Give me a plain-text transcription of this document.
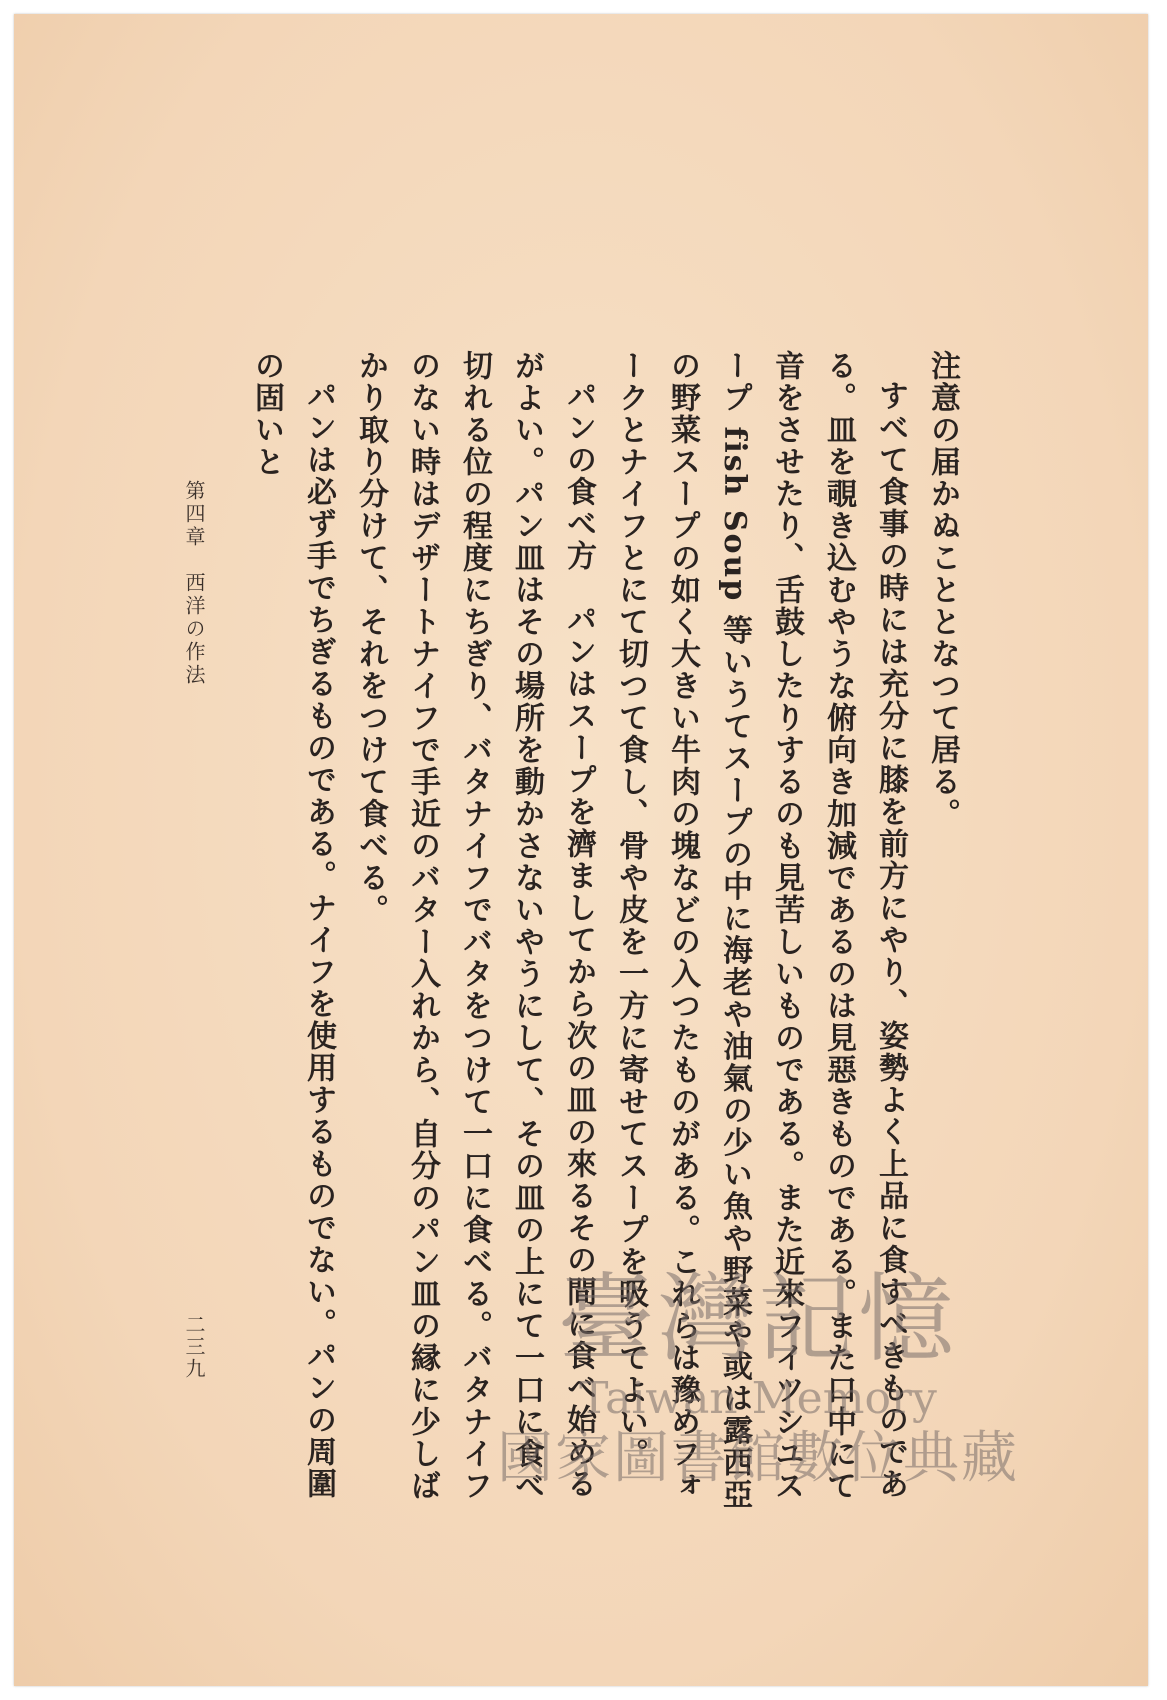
注意の届かぬこととなつて居る。

すべて食事の時には充分に膝を前方にやり、姿勢よく上品に食すべきものである。皿を覗き込むやうな俯向き加減であるのは見惡きものである。また口中にて音をさせたり、舌鼓したりするのも見苦しいものである。また近來フイツシユスープ fish Soup 等いうてスープの中に海老や油氣の少い魚や野菜や或は露西亞の野菜スープの如く大きい牛肉の塊などの入つたものがある。これらは豫めフォークとナイフとにて切つて食し、骨や皮を一方に寄せてスープを吸うてよい。

パンの食べ方　パンはスープを濟ましてから次の皿の來るその間に食べ始めるがよい。パン皿はその場所を動かさないやうにして、その皿の上にて一口に食べ切れる位の程度にちぎり、バタナイフでバタをつけて一口に食べる。バタナイフのない時はデザートナイフで手近のバター入れから、自分のパン皿の縁に少しばかり取り分けて、それをつけて食べる。

パンは必ず手でちぎるものである。ナイフを使用するものでない。パンの周圍の固いと

第四章　西洋の作法
二三九	臺灣記憶
Taiwan Memory
國家圖書館數位典藏
